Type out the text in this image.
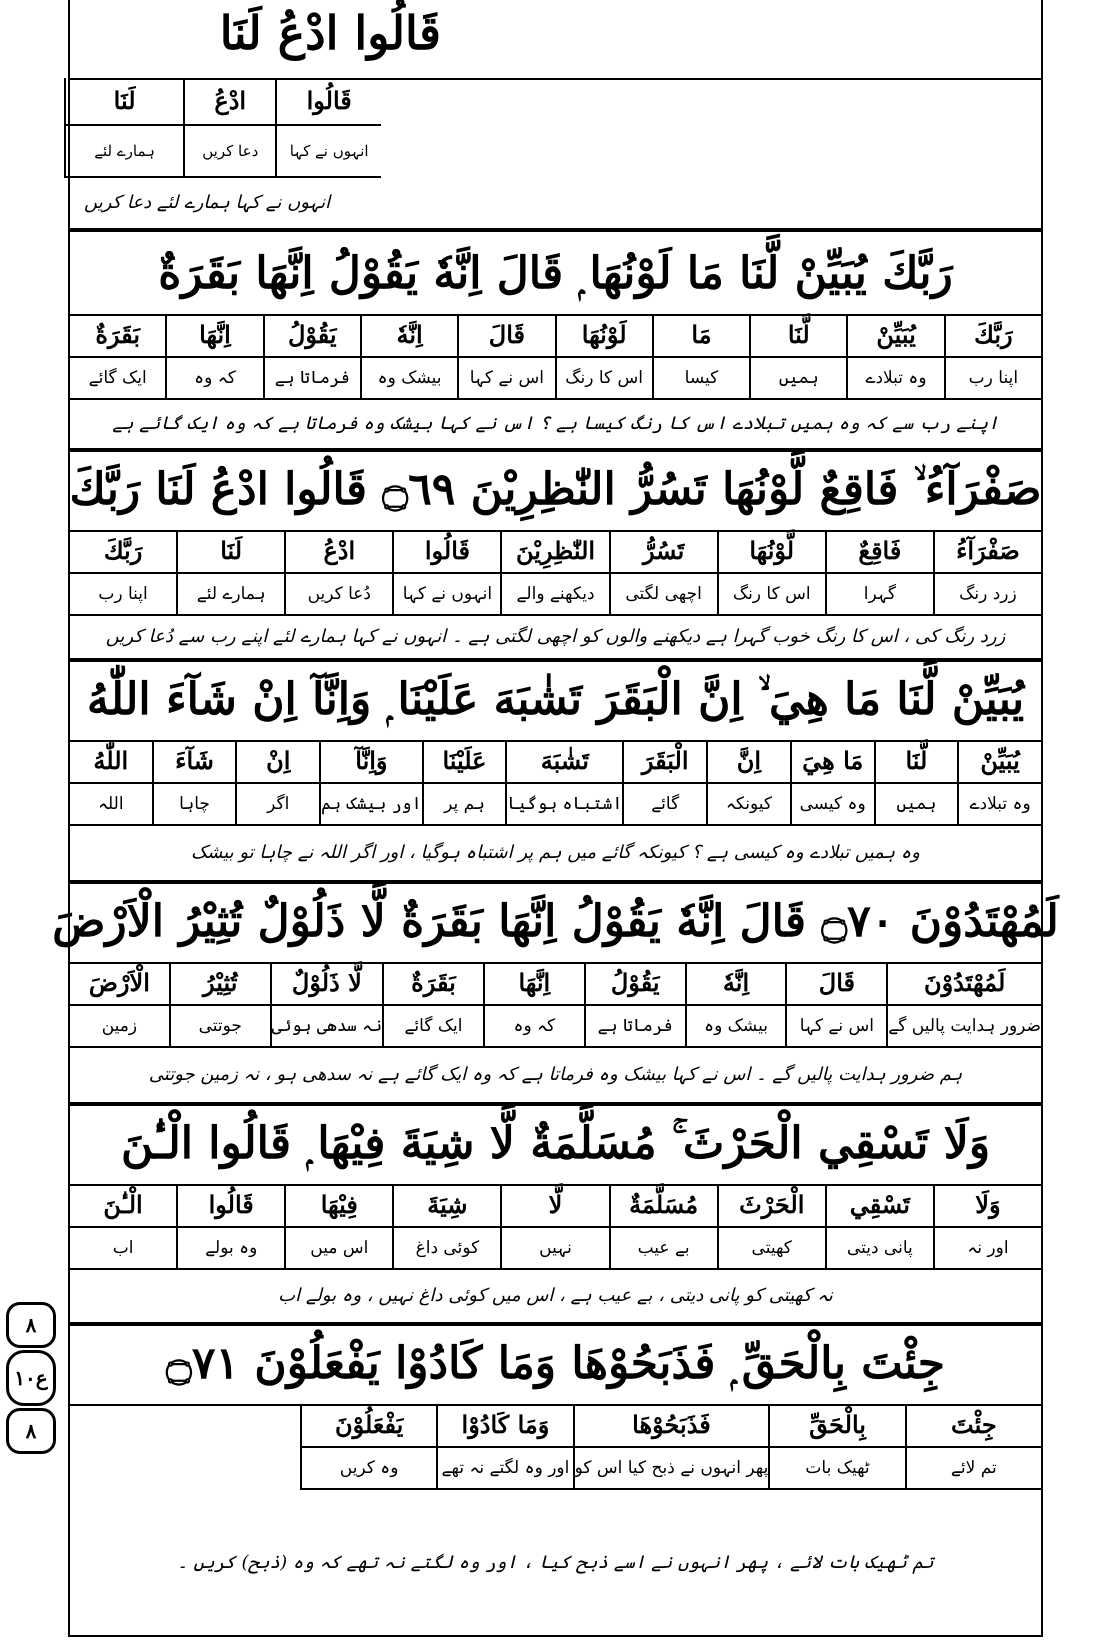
قَالُوا ادْعُ لَنَا
قَالُوا
انہوں نے کہا
ادْعُ
دعا کریں
لَنَا
ہمارے لئے
انہوں نے کہا ہمارے لئے دعا کریں
رَبَّكَ يُبَيِّنْ لَّنَا مَا لَوْنُهَا ۭ قَالَ اِنَّهٗ يَقُوْلُ اِنَّهَا بَقَرَةٌ
رَبَّكَ
اپنا رب
يُبَيِّنْ
وہ تبلادے
لَّنَا
ہمیں
مَا
کیسا
لَوْنُهَا
اس کا رنگ
قَالَ
اس نے کہا
اِنَّهٗ
بیشک وہ
يَقُوْلُ
فرماتا ہے
اِنَّهَا
کہ وہ
بَقَرَةٌ
ایک گائے
اپنے رب سے کہ وہ ہمیں تبلادے اس کا رنگ کیسا ہے ؟ اس نے کہا بیشک وہ فرماتا ہے کہ وہ ایک گائے ہے
صَفْرَآءُ ۙ فَاقِعٌ لَّوْنُهَا تَسُرُّ النّٰظِرِيْنَ ۝٦٩ قَالُوا ادْعُ لَنَا رَبَّكَ
صَفْرَآءُ
زرد رنگ
فَاقِعٌ
گہرا
لَّوْنُهَا
اس کا رنگ
تَسُرُّ
اچھی لگتی
النّٰظِرِيْنَ
دیکھنے والے
قَالُوا
انہوں نے کہا
ادْعُ
دُعا کریں
لَنَا
ہمارے لئے
رَبَّكَ
اپنا رب
زرد رنگ کی ، اس کا رنگ خوب گہرا ہے دیکھنے والوں کو اچھی لگتی ہے ۔ انہوں نے کہا ہمارے لئے اپنے رب سے دُعا کریں
يُبَيِّنْ لَّنَا مَا هِيَ ۙ اِنَّ الْبَقَرَ تَشٰبَهَ عَلَيْنَا ۭ وَاِنَّآ اِنْ شَآءَ اللّٰهُ
يُبَيِّنْ
وہ تبلادے
لَّنَا
ہمیں
مَا هِيَ
وہ کیسی
اِنَّ
کیونکہ
الْبَقَرَ
گائے
تَشٰبَهَ
اشتباہ ہوگیا
عَلَيْنَا
ہم پر
وَاِنَّآ
اور بیشک ہم
اِنْ
اگر
شَآءَ
چاہا
اللّٰهُ
اللہ
وہ ہمیں تبلادے وہ کیسی ہے ؟ کیونکہ گائے میں ہم پر اشتباہ ہوگیا ، اور اگر اللہ نے چاہا تو بیشک
لَمُهْتَدُوْنَ ۝٧٠ قَالَ اِنَّهٗ يَقُوْلُ اِنَّهَا بَقَرَةٌ لَّا ذَلُوْلٌ تُثِيْرُ الْاَرْضَ
لَمُهْتَدُوْنَ
ضرور ہدایت پالیں گے
قَالَ
اس نے کہا
اِنَّهٗ
بیشک وہ
يَقُوْلُ
فرماتا ہے
اِنَّهَا
کہ وہ
بَقَرَةٌ
ایک گائے
لَّا ذَلُوْلٌ
نہ سدھی ہوئی
تُثِيْرُ
جوتتی
الْاَرْضَ
زمین
ہم ضرور ہدایت پالیں گے ۔ اس نے کہا بیشک وہ فرماتا ہے کہ وہ ایک گائے ہے نہ سدھی ہو ، نہ زمین جوتتی
وَلَا تَسْقِي الْحَرْثَ ۚ مُسَلَّمَةٌ لَّا شِيَةَ فِيْهَا ۭ قَالُوا الْـٰٔنَ
وَلَا
اور نہ
تَسْقِي
پانی دیتی
الْحَرْثَ
کھیتی
مُسَلَّمَةٌ
بے عیب
لَّا
نہیں
شِيَةَ
کوئی داغ
فِيْهَا
اس میں
قَالُوا
وہ بولے
الْـٰٔنَ
اب
نہ کھیتی کو پانی دیتی ، بے عیب ہے ، اس میں کوئی داغ نہیں ، وہ بولے اب
جِئْتَ بِالْحَقِّ ۭ فَذَبَحُوْهَا وَمَا كَادُوْا يَفْعَلُوْنَ ۝٧١
جِئْتَ
تم لائے
بِالْحَقِّ
ٹھیک بات
فَذَبَحُوْهَا
پھر انہوں نے ذبح کیا اس کو
وَمَا كَادُوْا
اور وہ لگتے نہ تھے
يَفْعَلُوْنَ
وہ کریں
تم ٹھیک بات لائے ، پھر انہوں نے اسے ذبح کیا ، اور وہ لگتے نہ تھے کہ وہ (ذبح) کریں ۔
٨
ع١٠
٨
